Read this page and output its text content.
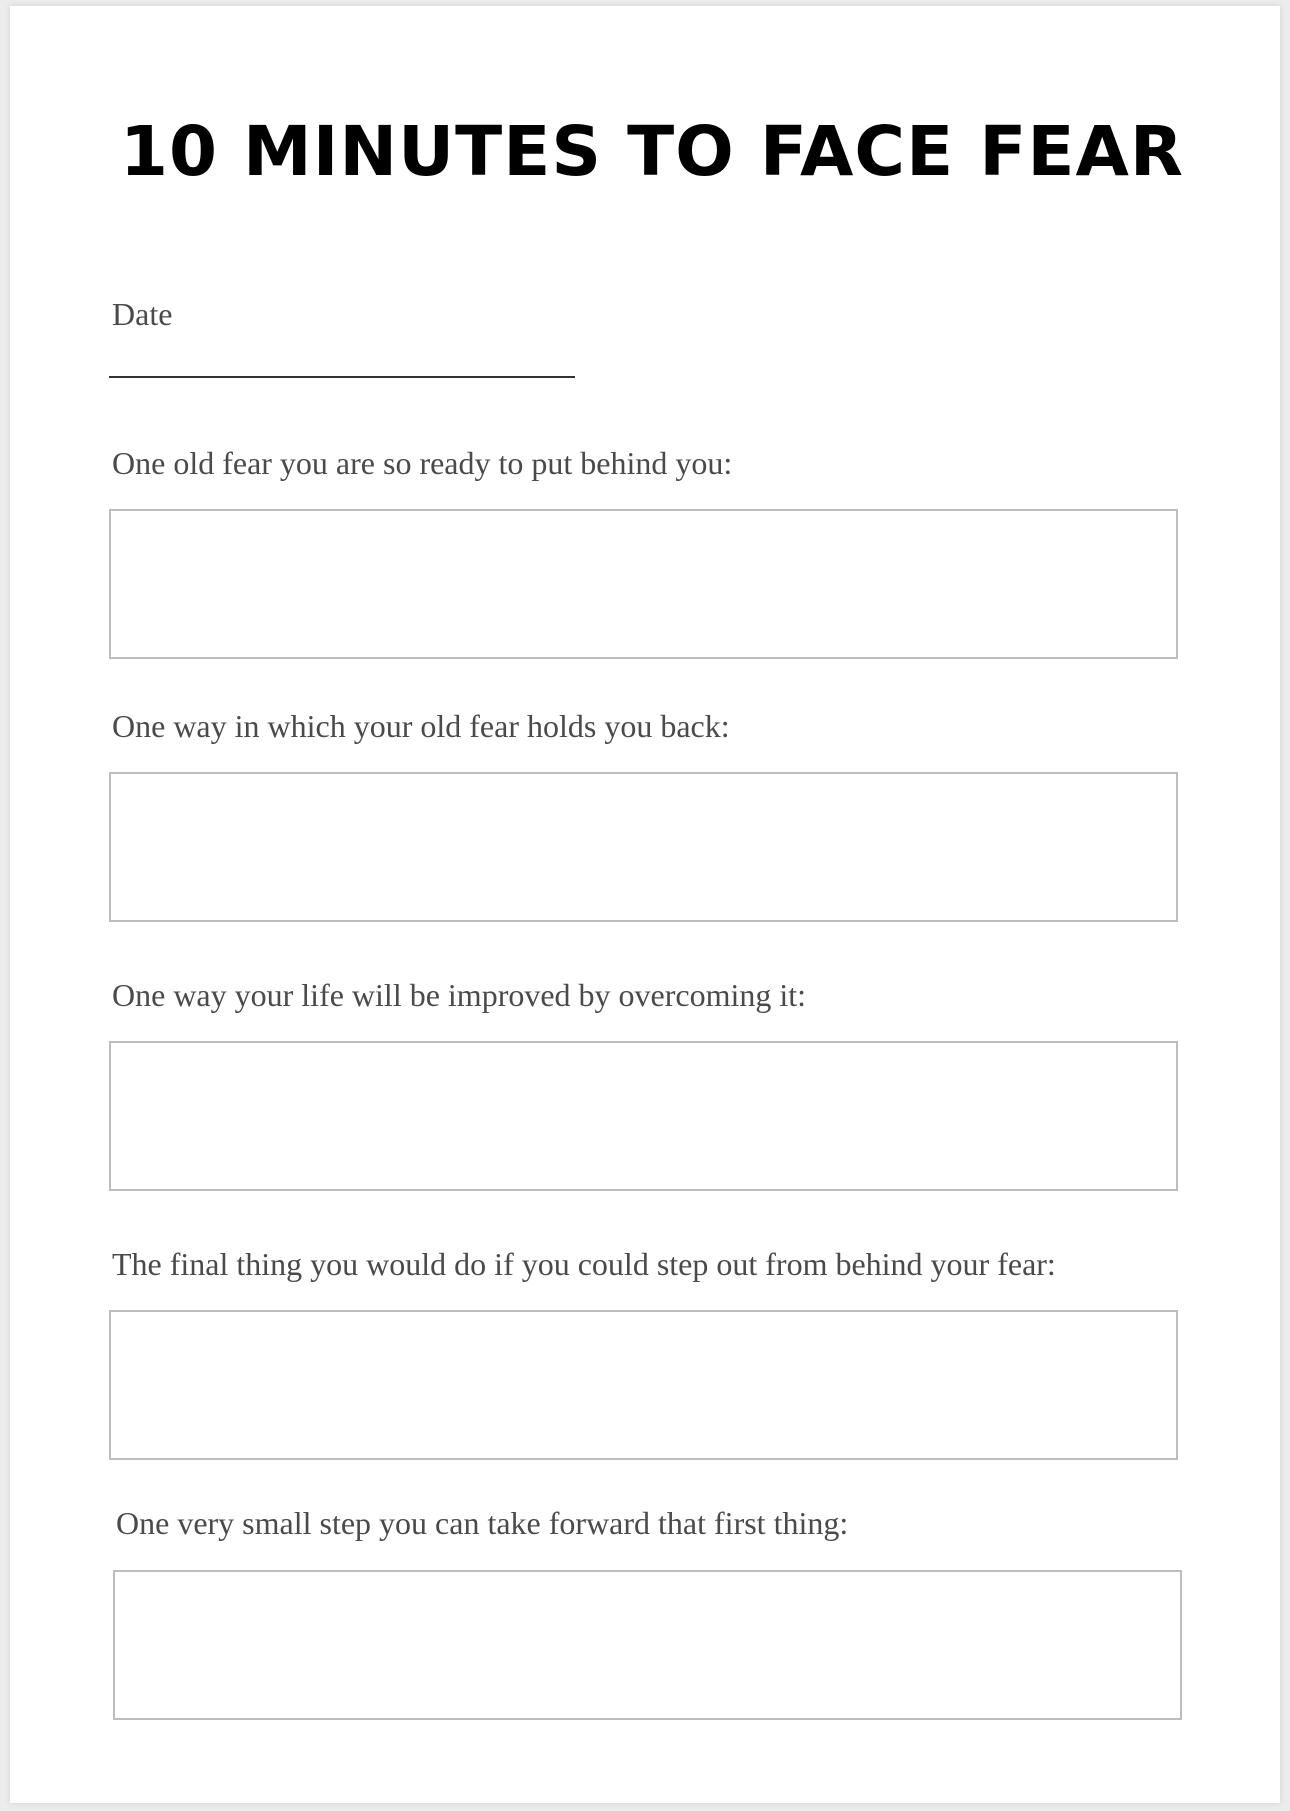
10 MINUTES TO FACE FEAR

Date

One old fear you are so ready to put behind you:

One way in which your old fear holds you back:

One way your life will be improved by overcoming it:

The final thing you would do if you could step out from behind your fear:

One very small step you can take forward that first thing:
